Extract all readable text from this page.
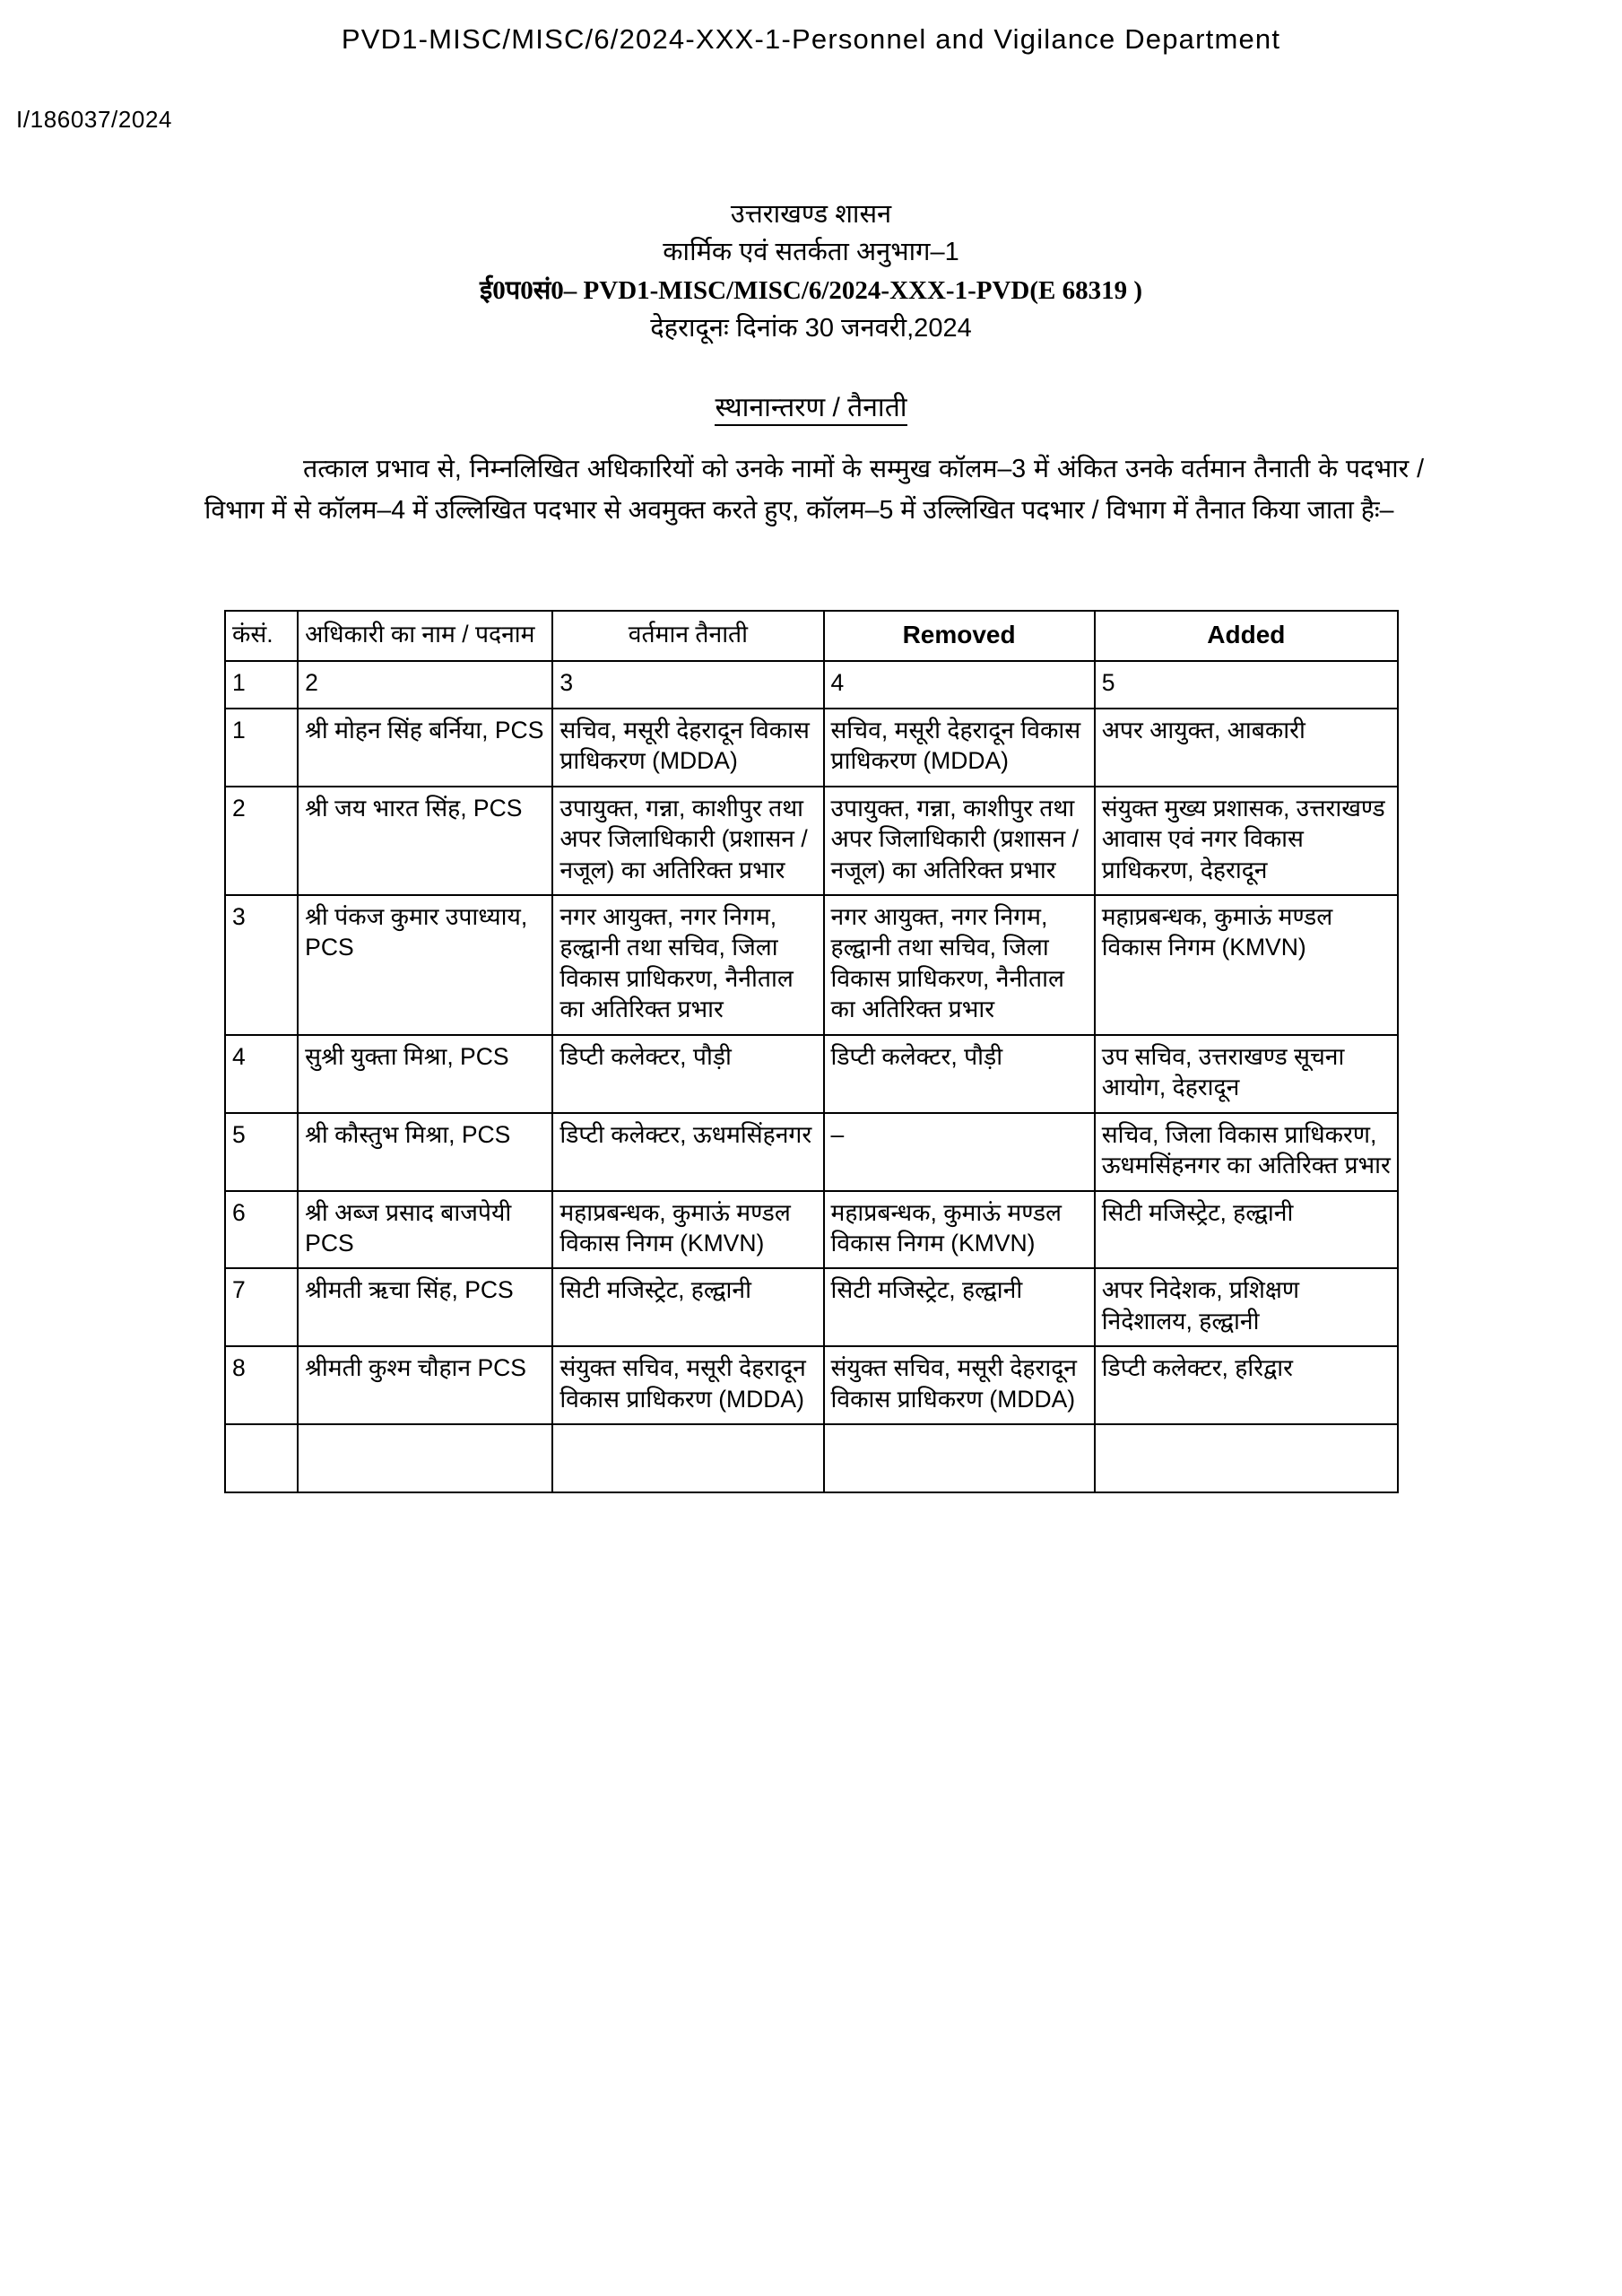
PVD1-MISC/MISC/6/2024-XXX-1-Personnel and Vigilance Department
I/186037/2024
उत्तराखण्ड शासन
कार्मिक एवं सतर्कता अनुभाग–1
ई0प0सं0– PVD1-MISC/MISC/6/2024-XXX-1-PVD(E 68319 )
देहरादूनः दिनांक 30 जनवरी,2024
स्थानान्तरण / तैनाती
तत्काल प्रभाव से, निम्नलिखित अधिकारियों को उनके नामों के सम्मुख कॉलम–3 में अंकित उनके वर्तमान तैनाती के पदभार / विभाग में से कॉलम–4 में उल्लिखित पदभार से अवमुक्त करते हुए, कॉलम–5 में उल्लिखित पदभार / विभाग में तैनात किया जाता हैः–
कंसं.	अधिकारी का नाम / पदनाम	वर्तमान तैनाती	Removed	Added
1	2	3	4	5
1	श्री मोहन सिंह बर्निया, PCS	सचिव, मसूरी देहरादून विकास प्राधिकरण (MDDA)	सचिव, मसूरी देहरादून विकास प्राधिकरण (MDDA)	अपर आयुक्त, आबकारी
2	श्री जय भारत सिंह, PCS	उपायुक्त, गन्ना, काशीपुर तथा अपर जिलाधिकारी (प्रशासन / नजूल) का अतिरिक्त प्रभार	उपायुक्त, गन्ना, काशीपुर तथा अपर जिलाधिकारी (प्रशासन / नजूल) का अतिरिक्त प्रभार	संयुक्त मुख्य प्रशासक, उत्तराखण्ड आवास एवं नगर विकास प्राधिकरण, देहरादून
3	श्री पंकज कुमार उपाध्याय, PCS	नगर आयुक्त, नगर निगम, हल्द्वानी तथा सचिव, जिला विकास प्राधिकरण, नैनीताल का अतिरिक्त प्रभार	नगर आयुक्त, नगर निगम, हल्द्वानी तथा सचिव, जिला विकास प्राधिकरण, नैनीताल का अतिरिक्त प्रभार	महाप्रबन्धक, कुमाऊं मण्डल विकास निगम (KMVN)
4	सुश्री युक्ता मिश्रा, PCS	डिप्टी कलेक्टर, पौड़ी	डिप्टी कलेक्टर, पौड़ी	उप सचिव, उत्तराखण्ड सूचना आयोग, देहरादून
5	श्री कौस्तुभ मिश्रा, PCS	डिप्टी कलेक्टर, ऊधमसिंहनगर	–	सचिव, जिला विकास प्राधिकरण, ऊधमसिंहनगर का अतिरिक्त प्रभार
6	श्री अब्ज प्रसाद बाजपेयी PCS	महाप्रबन्धक, कुमाऊं मण्डल विकास निगम (KMVN)	महाप्रबन्धक, कुमाऊं मण्डल विकास निगम (KMVN)	सिटी मजिस्ट्रेट, हल्द्वानी
7	श्रीमती ऋचा सिंह, PCS	सिटी मजिस्ट्रेट, हल्द्वानी	सिटी मजिस्ट्रेट, हल्द्वानी	अपर निदेशक, प्रशिक्षण निदेशालय, हल्द्वानी
8	श्रीमती कुश्म चौहान PCS	संयुक्त सचिव, मसूरी देहरादून विकास प्राधिकरण (MDDA)	संयुक्त सचिव, मसूरी देहरादून विकास प्राधिकरण (MDDA)	डिप्टी कलेक्टर, हरिद्वार
